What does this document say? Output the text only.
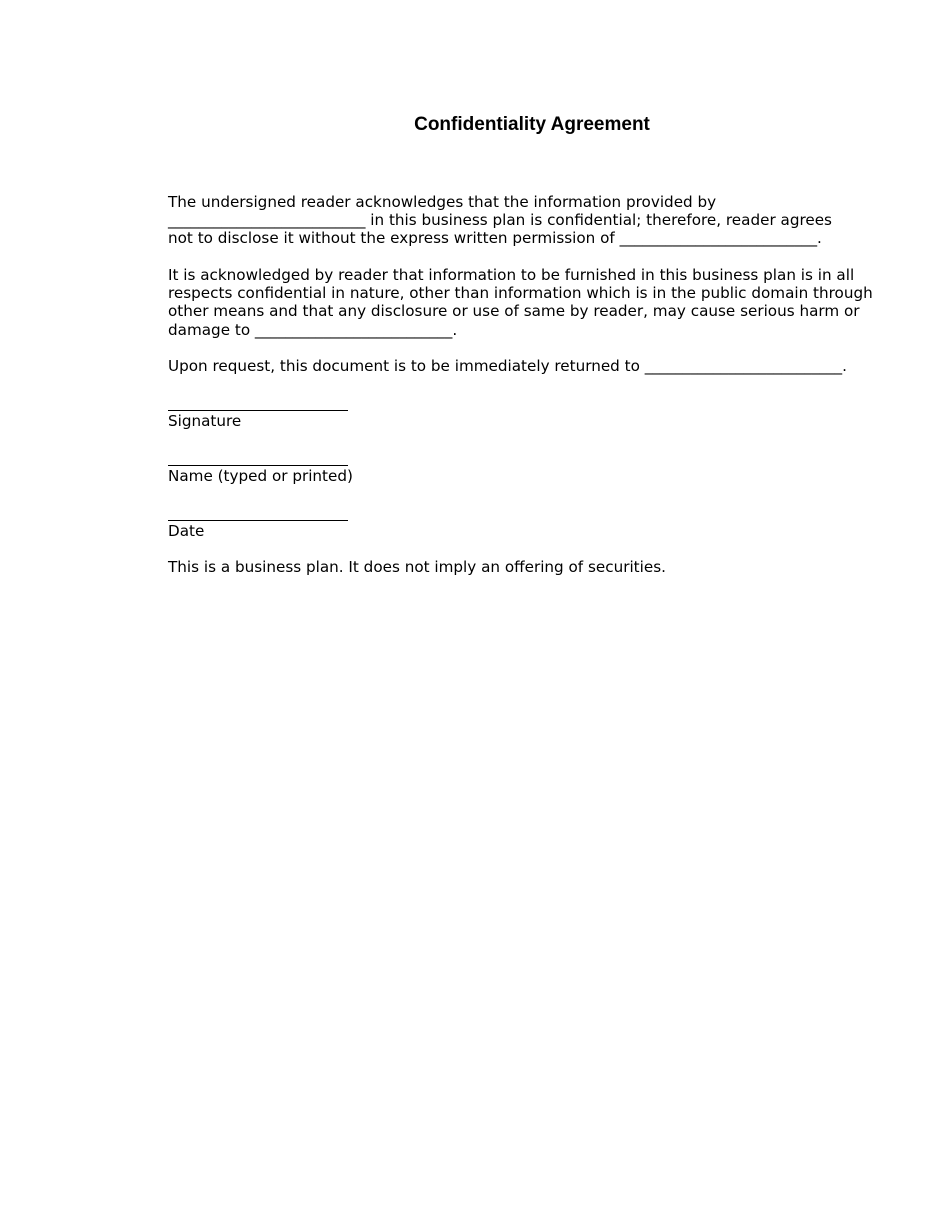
Confidentiality Agreement

The undersigned reader acknowledges that the information provided by
__________________________ in this business plan is confidential; therefore, reader agrees
not to disclose it without the express written permission of __________________________.

It is acknowledged by reader that information to be furnished in this business plan is in all
respects confidential in nature, other than information which is in the public domain through
other means and that any disclosure or use of same by reader, may cause serious harm or
damage to __________________________.

Upon request, this document is to be immediately returned to __________________________.

Signature

Name (typed or printed)

Date

This is a business plan. It does not imply an offering of securities.
